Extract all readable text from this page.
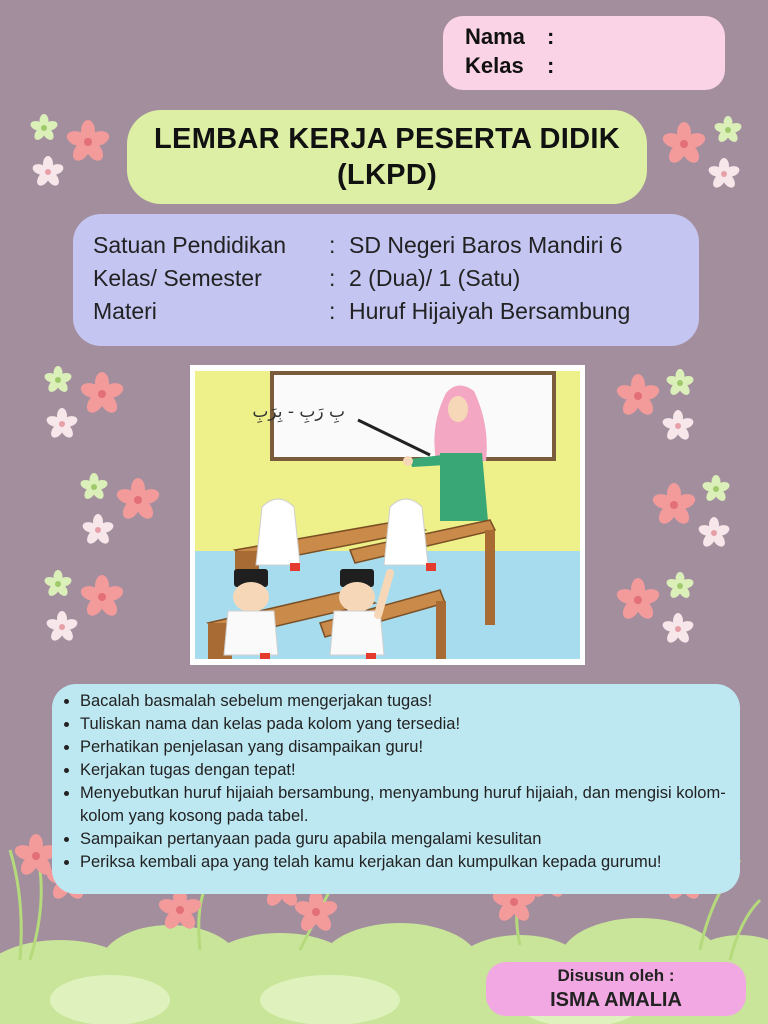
Nama	:
Kelas	:
LEMBAR KERJA PESERTA DIDIK
(LKPD)
Satuan Pendidikan	: SD Negeri Baros Mandiri 6
Kelas/ Semester	: 2 (Dua)/ 1 (Satu)
Materi	: Huruf Hijaiyah Bersambung
بِ رَبِ - بِرَبِ
• Bacalah basmalah sebelum mengerjakan tugas!
• Tuliskan nama dan kelas pada kolom yang tersedia!
• Perhatikan penjelasan yang disampaikan guru!
• Kerjakan tugas dengan tepat!
• Menyebutkan huruf hijaiah bersambung, menyambung huruf hijaiah, dan mengisi kolom-kolom yang kosong pada tabel.
• Sampaikan pertanyaan pada guru apabila mengalami kesulitan
• Periksa kembali apa yang telah kamu kerjakan dan kumpulkan kepada gurumu!
Disusun oleh :
ISMA AMALIA
